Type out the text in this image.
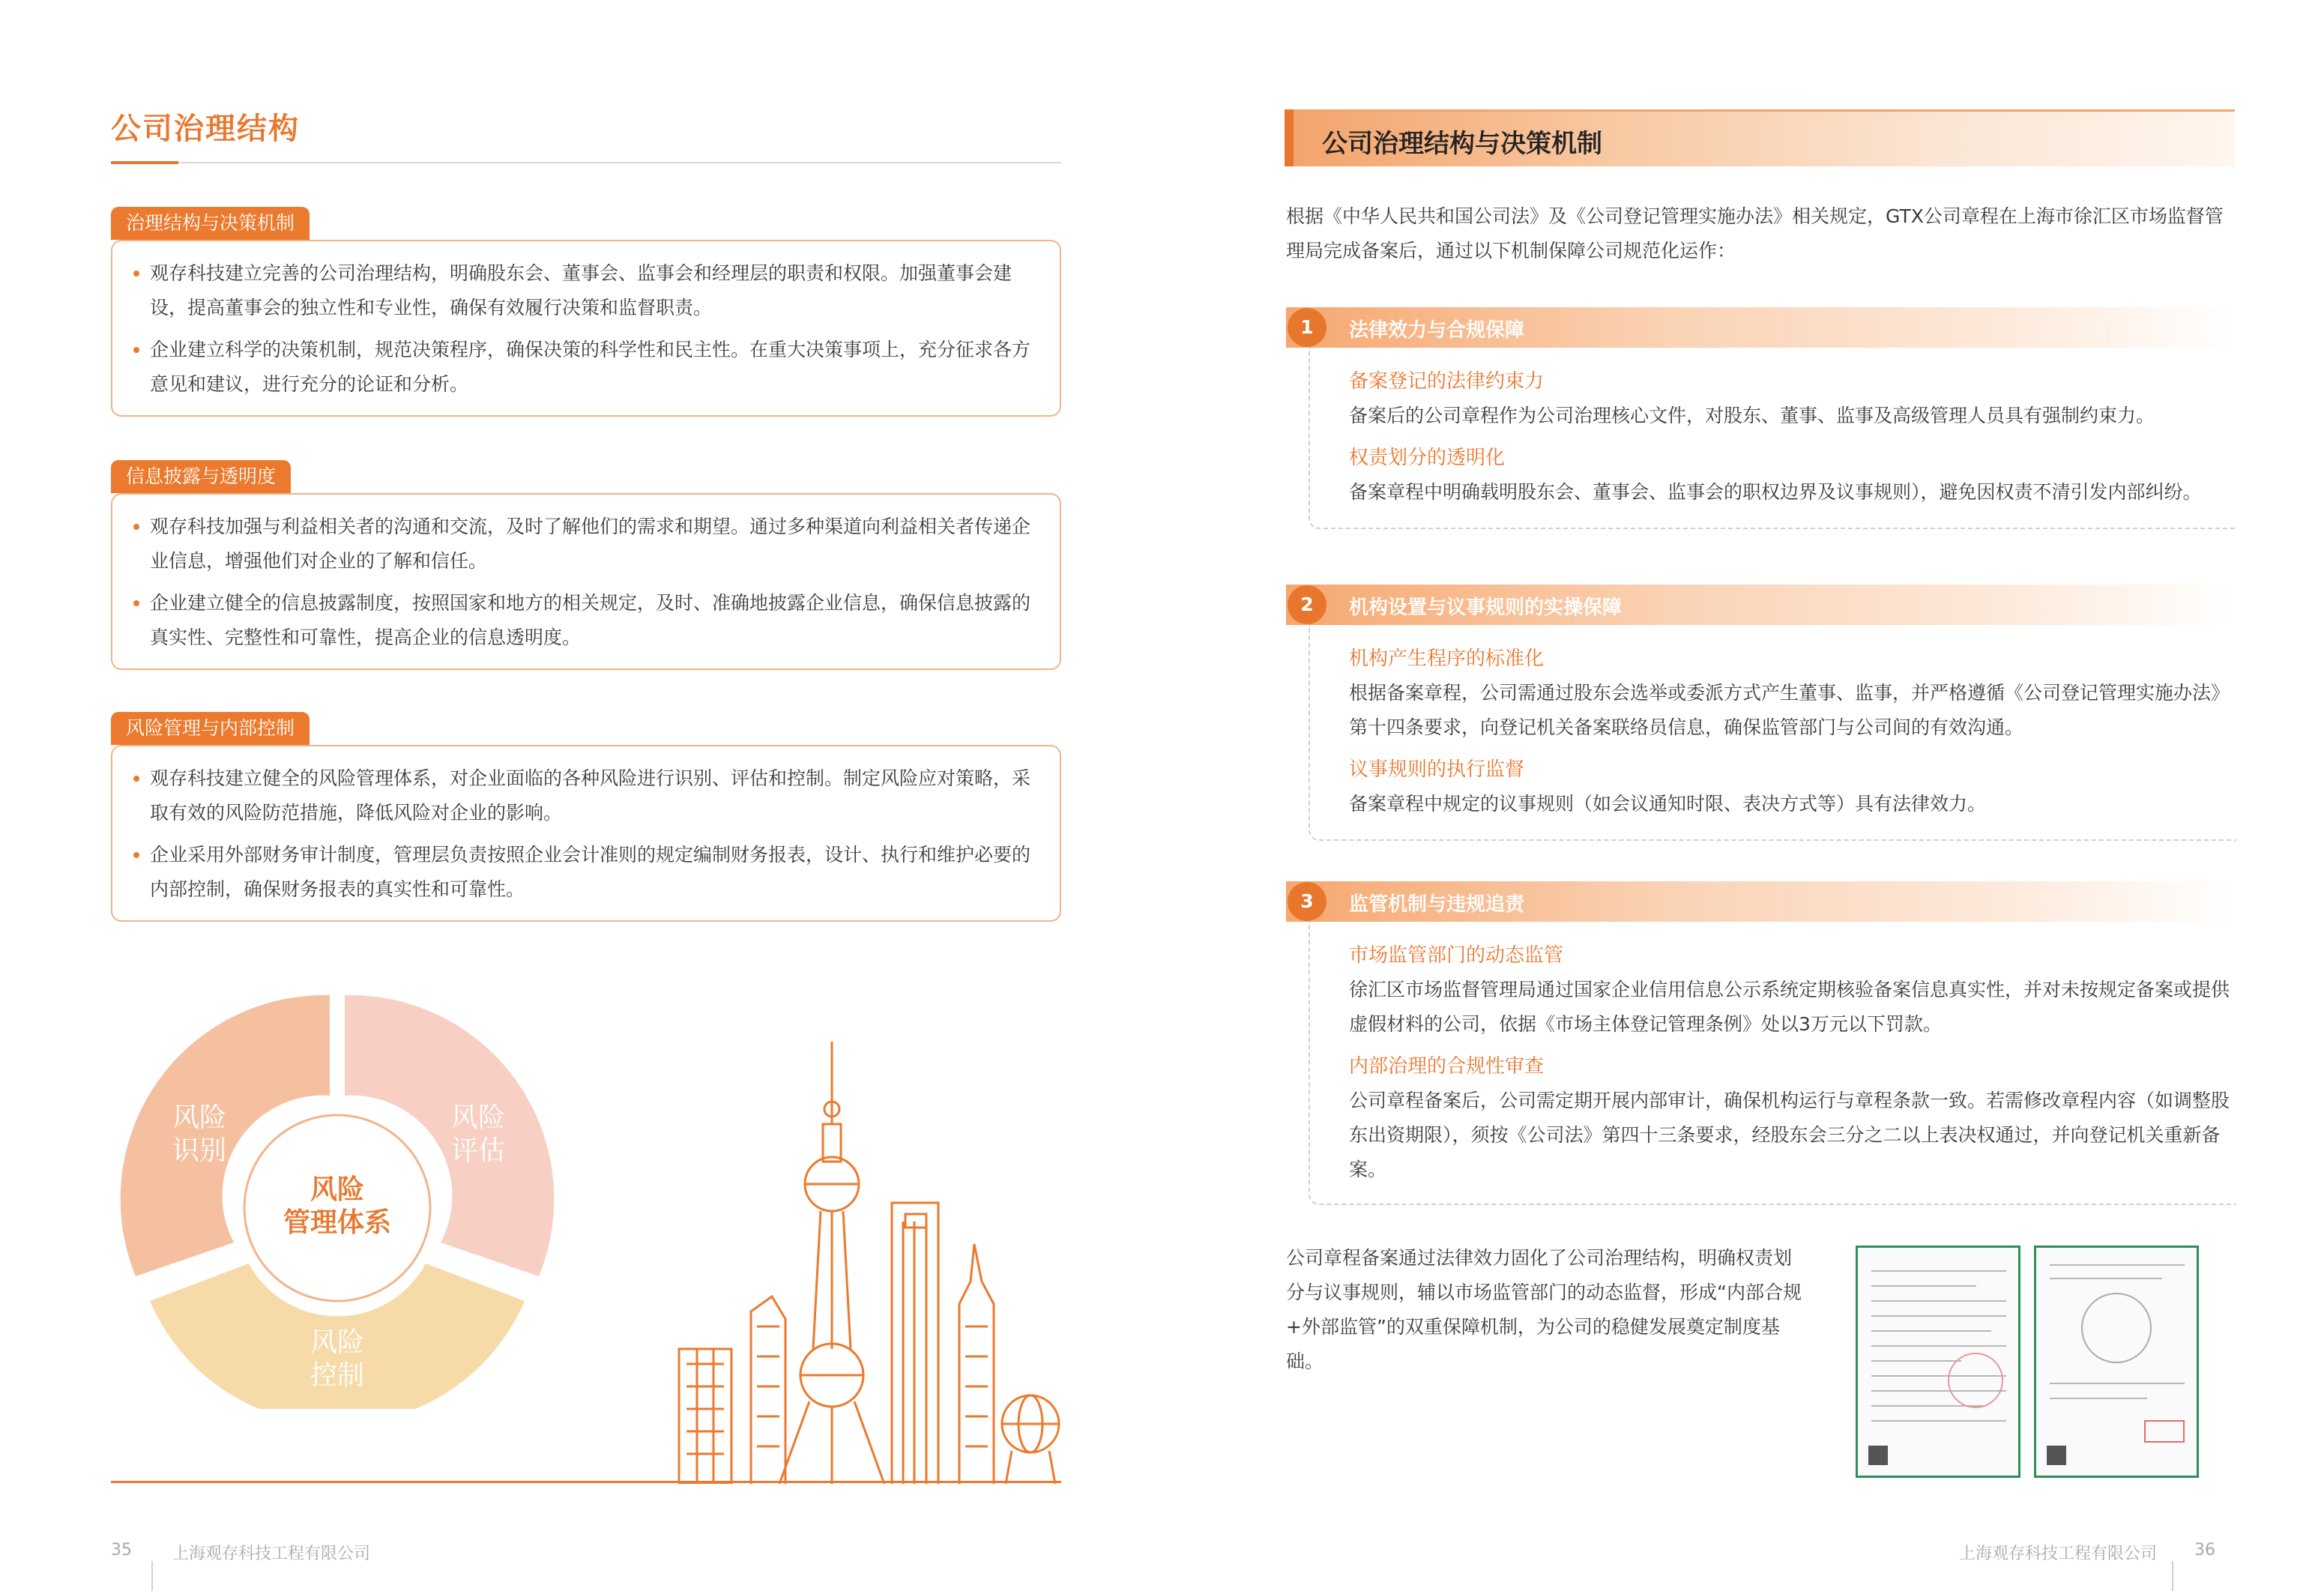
公司治理结构
治理结构与决策机制
观存科技建立完善的公司治理结构，明确股东会、董事会、监事会和经理层的职责和权限。加强董事会建设，提高董事会的独立性和专业性，确保有效履行决策和监督职责。
企业建立科学的决策机制，规范决策程序，确保决策的科学性和民主性。在重大决策事项上，充分征求各方意见和建议，进行充分的论证和分析。
信息披露与透明度
观存科技加强与利益相关者的沟通和交流，及时了解他们的需求和期望。通过多种渠道向利益相关者传递企业信息，增强他们对企业的了解和信任。
企业建立健全的信息披露制度，按照国家和地方的相关规定，及时、准确地披露企业信息，确保信息披露的真实性、完整性和可靠性，提高企业的信息透明度。
风险管理与内部控制
观存科技建立健全的风险管理体系，对企业面临的各种风险进行识别、评估和控制。制定风险应对策略，采取有效的风险防范措施，降低风险对企业的影响。
企业采用外部财务审计制度，管理层负责按照企业会计准则的规定编制财务报表，设计、执行和维护必要的内部控制，确保财务报表的真实性和可靠性。
风险
识别
风险
评估
风险
控制
风险
管理体系
35 上海观存科技工程有限公司
公司治理结构与决策机制
根据《中华人民共和国公司法》及《公司登记管理实施办法》相关规定，GTX公司章程在上海市徐汇区市场监督管理局完成备案后，通过以下机制保障公司规范化运作：
1	法律效力与合规保障
备案登记的法律约束力
备案后的公司章程作为公司治理核心文件，对股东、董事、监事及高级管理人员具有强制约束力。
权责划分的透明化
备案章程中明确载明股东会、董事会、监事会的职权边界及议事规则），避免因权责不清引发内部纠纷。
2	机构设置与议事规则的实操保障
机构产生程序的标准化
根据备案章程，公司需通过股东会选举或委派方式产生董事、监事，并严格遵循《公司登记管理实施办法》第十四条要求，向登记机关备案联络员信息，确保监管部门与公司间的有效沟通。
议事规则的执行监督
备案章程中规定的议事规则（如会议通知时限、表决方式等）具有法律效力。
3	监管机制与违规追责
市场监管部门的动态监管
徐汇区市场监督管理局通过国家企业信用信息公示系统定期核验备案信息真实性，并对未按规定备案或提供虚假材料的公司，依据《市场主体登记管理条例》处以3万元以下罚款。
内部治理的合规性审查
公司章程备案后，公司需定期开展内部审计，确保机构运行与章程条款一致。若需修改章程内容（如调整股东出资期限），须按《公司法》第四十三条要求，经股东会三分之二以上表决权通过，并向登记机关重新备案。
公司章程备案通过法律效力固化了公司治理结构，明确权责划分与议事规则，辅以市场监管部门的动态监督，形成“内部合规+外部监管”的双重保障机制，为公司的稳健发展奠定制度基础。
上海观存科技工程有限公司 36
